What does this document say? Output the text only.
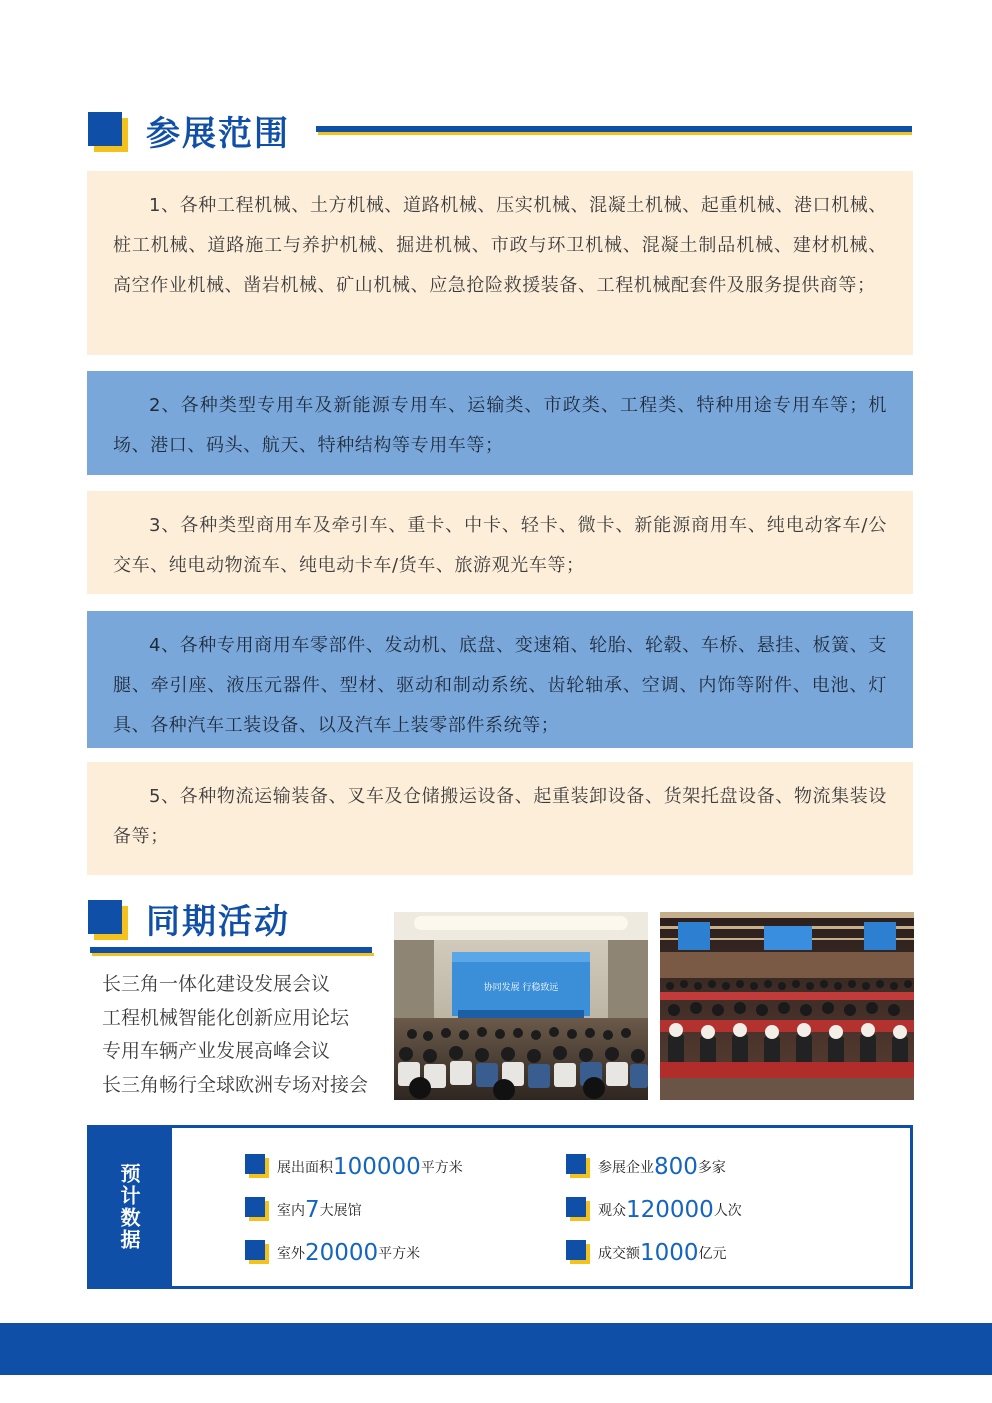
参展范围
1、各种工程机械、土方机械、道路机械、压实机械、混凝土机械、起重机械、港口机械、桩工机械、道路施工与养护机械、掘进机械、市政与环卫机械、混凝土制品机械、建材机械、高空作业机械、凿岩机械、矿山机械、应急抢险救援装备、工程机械配套件及服务提供商等；
2、各种类型专用车及新能源专用车、运输类、市政类、工程类、特种用途专用车等；机场、港口、码头、航天、特种结构等专用车等；
3、各种类型商用车及牵引车、重卡、中卡、轻卡、微卡、新能源商用车、纯电动客车/公交车、纯电动物流车、纯电动卡车/货车、旅游观光车等；
4、各种专用商用车零部件、发动机、底盘、变速箱、轮胎、轮毂、车桥、悬挂、板簧、支腿、牵引座、液压元器件、型材、驱动和制动系统、齿轮轴承、空调、内饰等附件、电池、灯具、各种汽车工装设备、以及汽车上装零部件系统等；
5、各种物流运输装备、叉车及仓储搬运设备、起重装卸设备、货架托盘设备、物流集装设备等；
同期活动
长三角一体化建设发展会议
工程机械智能化创新应用论坛
专用车辆产业发展高峰会议
长三角畅行全球欧洲专场对接会
协同发展 行稳致远
预计数据	展出面积100000平方米	参展企业800多家
室内7大展馆	观众120000人次
室外20000平方米	成交额1000亿元
